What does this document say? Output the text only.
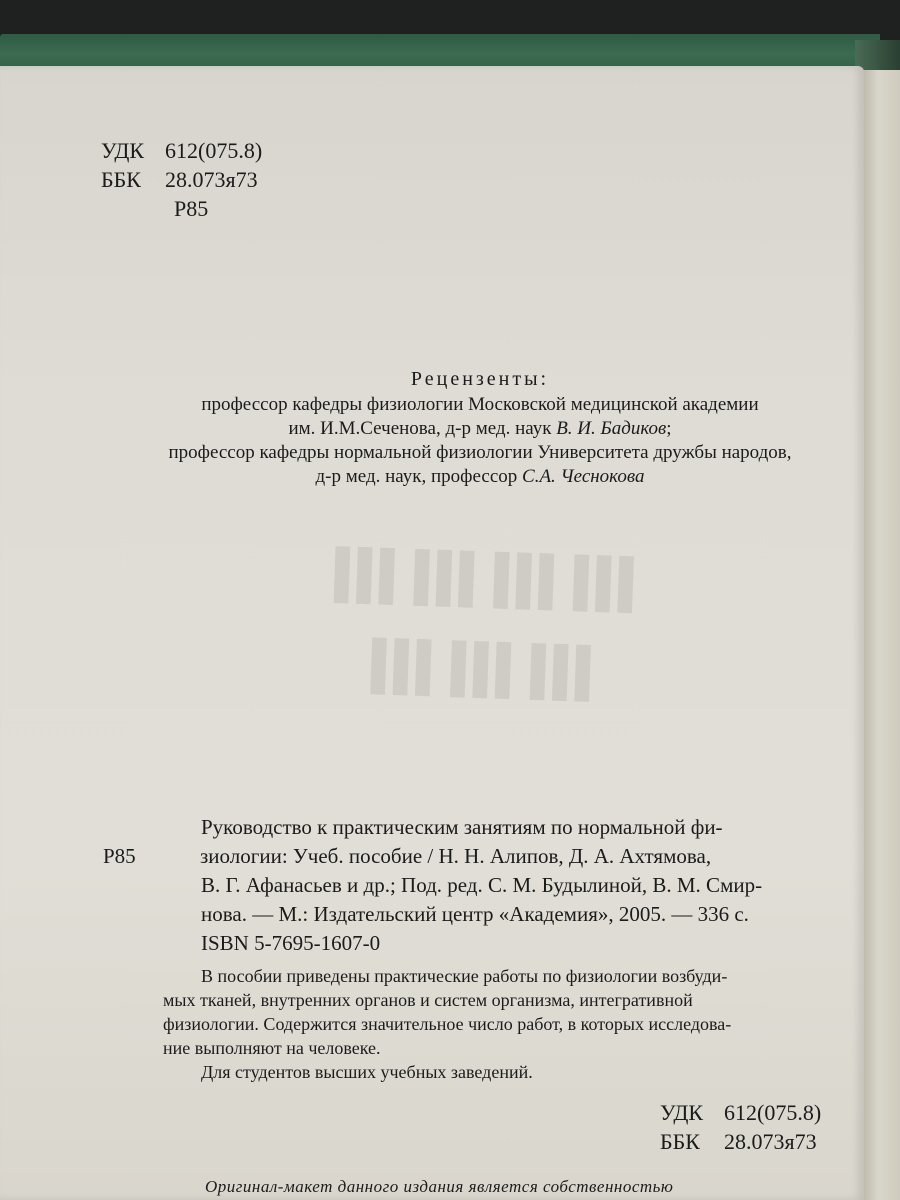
ⅢⅢⅢⅢ
ⅢⅢⅢ
УДК 612(075.8)
ББК 28.073я73
Р85
Рецензенты:
профессор кафедры физиологии Московской медицинской академии
им. И.М.Сеченова, д-р мед. наук В. И. Бадиков;
профессор кафедры нормальной физиологии Университета дружбы народов,
д-р мед. наук, профессор С.А. Чеснокова
Руководство к практическим занятиям по нормальной фи-
Р85	зиологии: Учеб. пособие / Н. Н. Алипов, Д. А. Ахтямова,

В. Г. Афанасьев и др.; Под. ред. С. М. Будылиной, В. М. Смир-
нова. — М.: Издательский центр «Академия», 2005. — 336 с.
ISBN 5-7695-1607-0
В пособии приведены практические работы по физиологии возбуди-
мых тканей, внутренних органов и систем организма, интегративной
физиологии. Содержится значительное число работ, в которых исследова-
ние выполняют на человеке.
Для студентов высших учебных заведений.
УДК 612(075.8)
ББК 28.073я73
Оригинал-макет данного издания является собственностью
